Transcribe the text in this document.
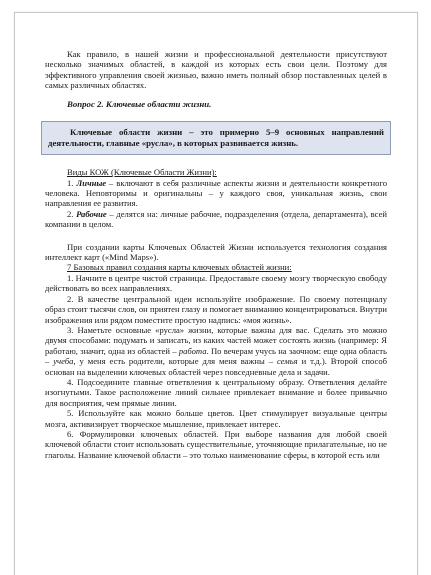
Как правило, в нашей жизни и профессиональной деятельности присутствуют несколько значимых областей, в каждой из которых есть свои цели. Поэтому для эффективного управления своей жизнью, важно иметь полный обзор поставленных целей в самых различных областях.

Вопрос 2. Ключевые области жизни.

Ключевые области жизни – это примерно 5–9 основных направлений деятельности, главные «русла», в которых развивается жизнь.

Виды КОЖ (Ключевые Области Жизни):

1. Личные – включают в себя различные аспекты жизни и деятельности конкретного человека. Неповторимы и оригинальны – у каждого своя, уникальная жизнь, свои направления ее развития.

2. Рабочие – делятся на: личные рабочие, подразделения (отдела, департамента), всей компании в целом.

При создании карты Ключевых Областей Жизни используется технология создания интеллект карт («Mind Maps»).

7 Базовых правил создания карты ключевых областей жизни:

1. Начните в центре чистой страницы. Предоставьте своему мозгу творческую свободу действовать во всех направлениях.

2. В качестве центральной идеи используйте изображение. По своему потенциалу образ стоит тысячи слов, он приятен глазу и помогает вниманию концентрироваться. Внутри изображения или рядом поместите простую надпись: «моя жизнь».

3. Наметьте основные «русла» жизни, которые важны для вас. Сделать это можно двумя способами: подумать и записать, из каких частей может состоять жизнь (например: Я работаю, значит, одна из областей – работа. По вечерам учусь на заочном: еще одна область – учеба, у меня есть родители, которые для меня важны – семья и т.д.). Второй способ основан на выделении ключевых областей через повседневные дела и задачи.

4. Подсоедините главные ответвления к центральному образу. Ответвления делайте изогнутыми. Такое расположение линий сильнее привлекает внимание и более привычно для восприятия, чем прямые линии.

5. Используйте как можно больше цветов. Цвет стимулирует визуальные центры мозга, активизирует творческое мышление, привлекает интерес.

6. Формулировки ключевых областей. При выборе названия для любой своей ключевой области стоит использовать существительные, уточняющие прилагательные, но не глаголы. Название ключевой области – это только наименование сферы, в которой есть или
